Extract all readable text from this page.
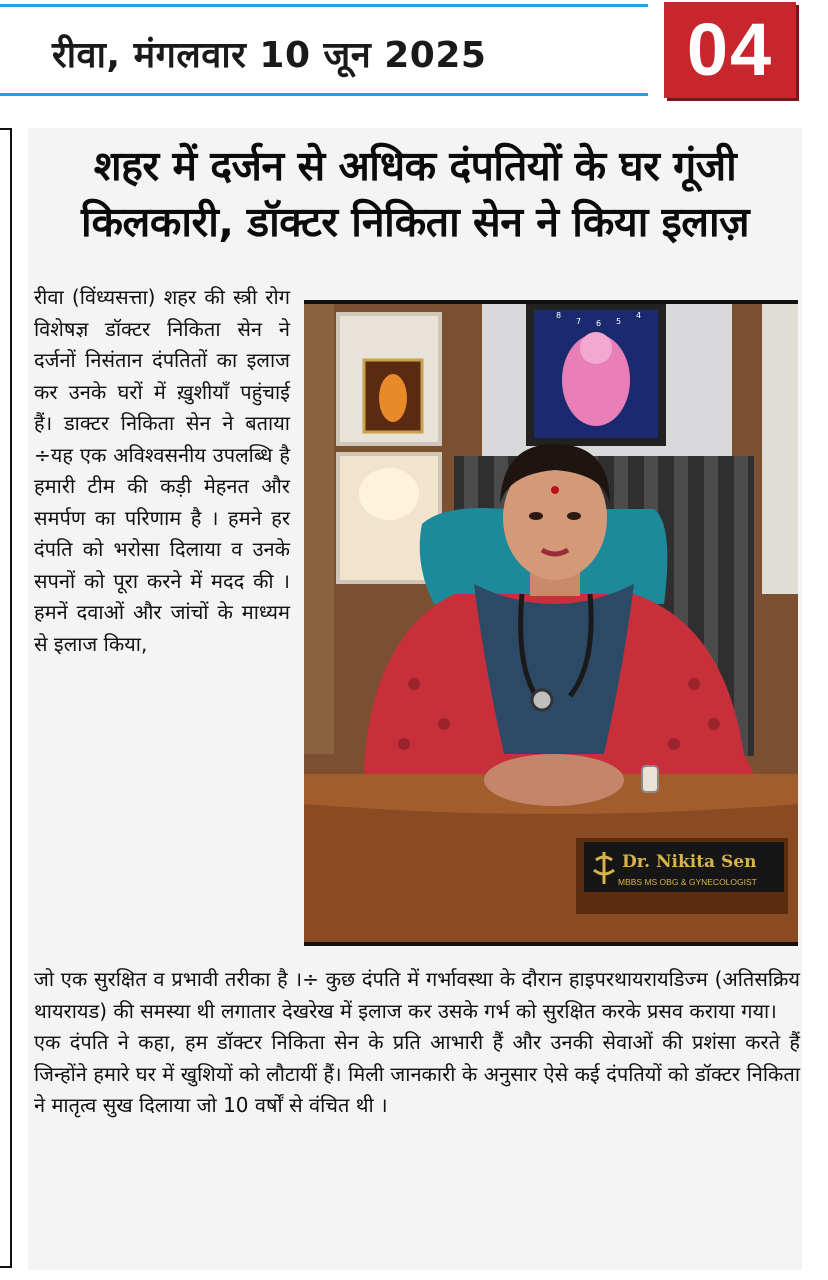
रीवा, मंगलवार 10 जून 2025	04
शहर में दर्जन से अधिक दंपतियों के घर गूंजी किलकारी, डॉक्टर निकिता सेन ने किया इलाज़
रीवा (विंध्यसत्ता) शहर की स्त्री रोग विशेषज्ञ डॉक्टर निकिता सेन ने दर्जनों निसंतान दंपतितों का इलाज कर उनके घरों में ख़ुशीयाँ पहुंचाई हैं। डाक्टर निकिता सेन ने बताया ÷यह एक अविश्वसनीय उपलब्धि है हमारी टीम की कड़ी मेहनत और समर्पण का परिणाम है । हमने हर दंपति को भरोसा दिलाया व उनके सपनों को पूरा करने में मदद की । हमनें दवाओं और जांचों के माध्यम से इलाज किया,
8
7 6 5
4
Dr. Nikita Sen
MBBS MS OBG & GYNECOLOGIST

जो एक सुरक्षित व प्रभावी तरीका है ।÷ कुछ दंपति में गर्भावस्था के दौरान हाइपरथायरायडिज्म (अतिसक्रिय थायरायड) की समस्या थी लगातार देखरेख में इलाज कर उसके गर्भ को सुरक्षित करके प्रसव कराया गया।

एक दंपति ने कहा, हम डॉक्टर निकिता सेन के प्रति आभारी हैं और उनकी सेवाओं की प्रशंसा करते हैं जिन्होंने हमारे घर में खुशियों को लौटायीं हैं। मिली जानकारी के अनुसार ऐसे कई दंपतियों को डॉक्टर निकिता ने मातृत्व सुख दिलाया जो 10 वर्षों से वंचित थी ।
